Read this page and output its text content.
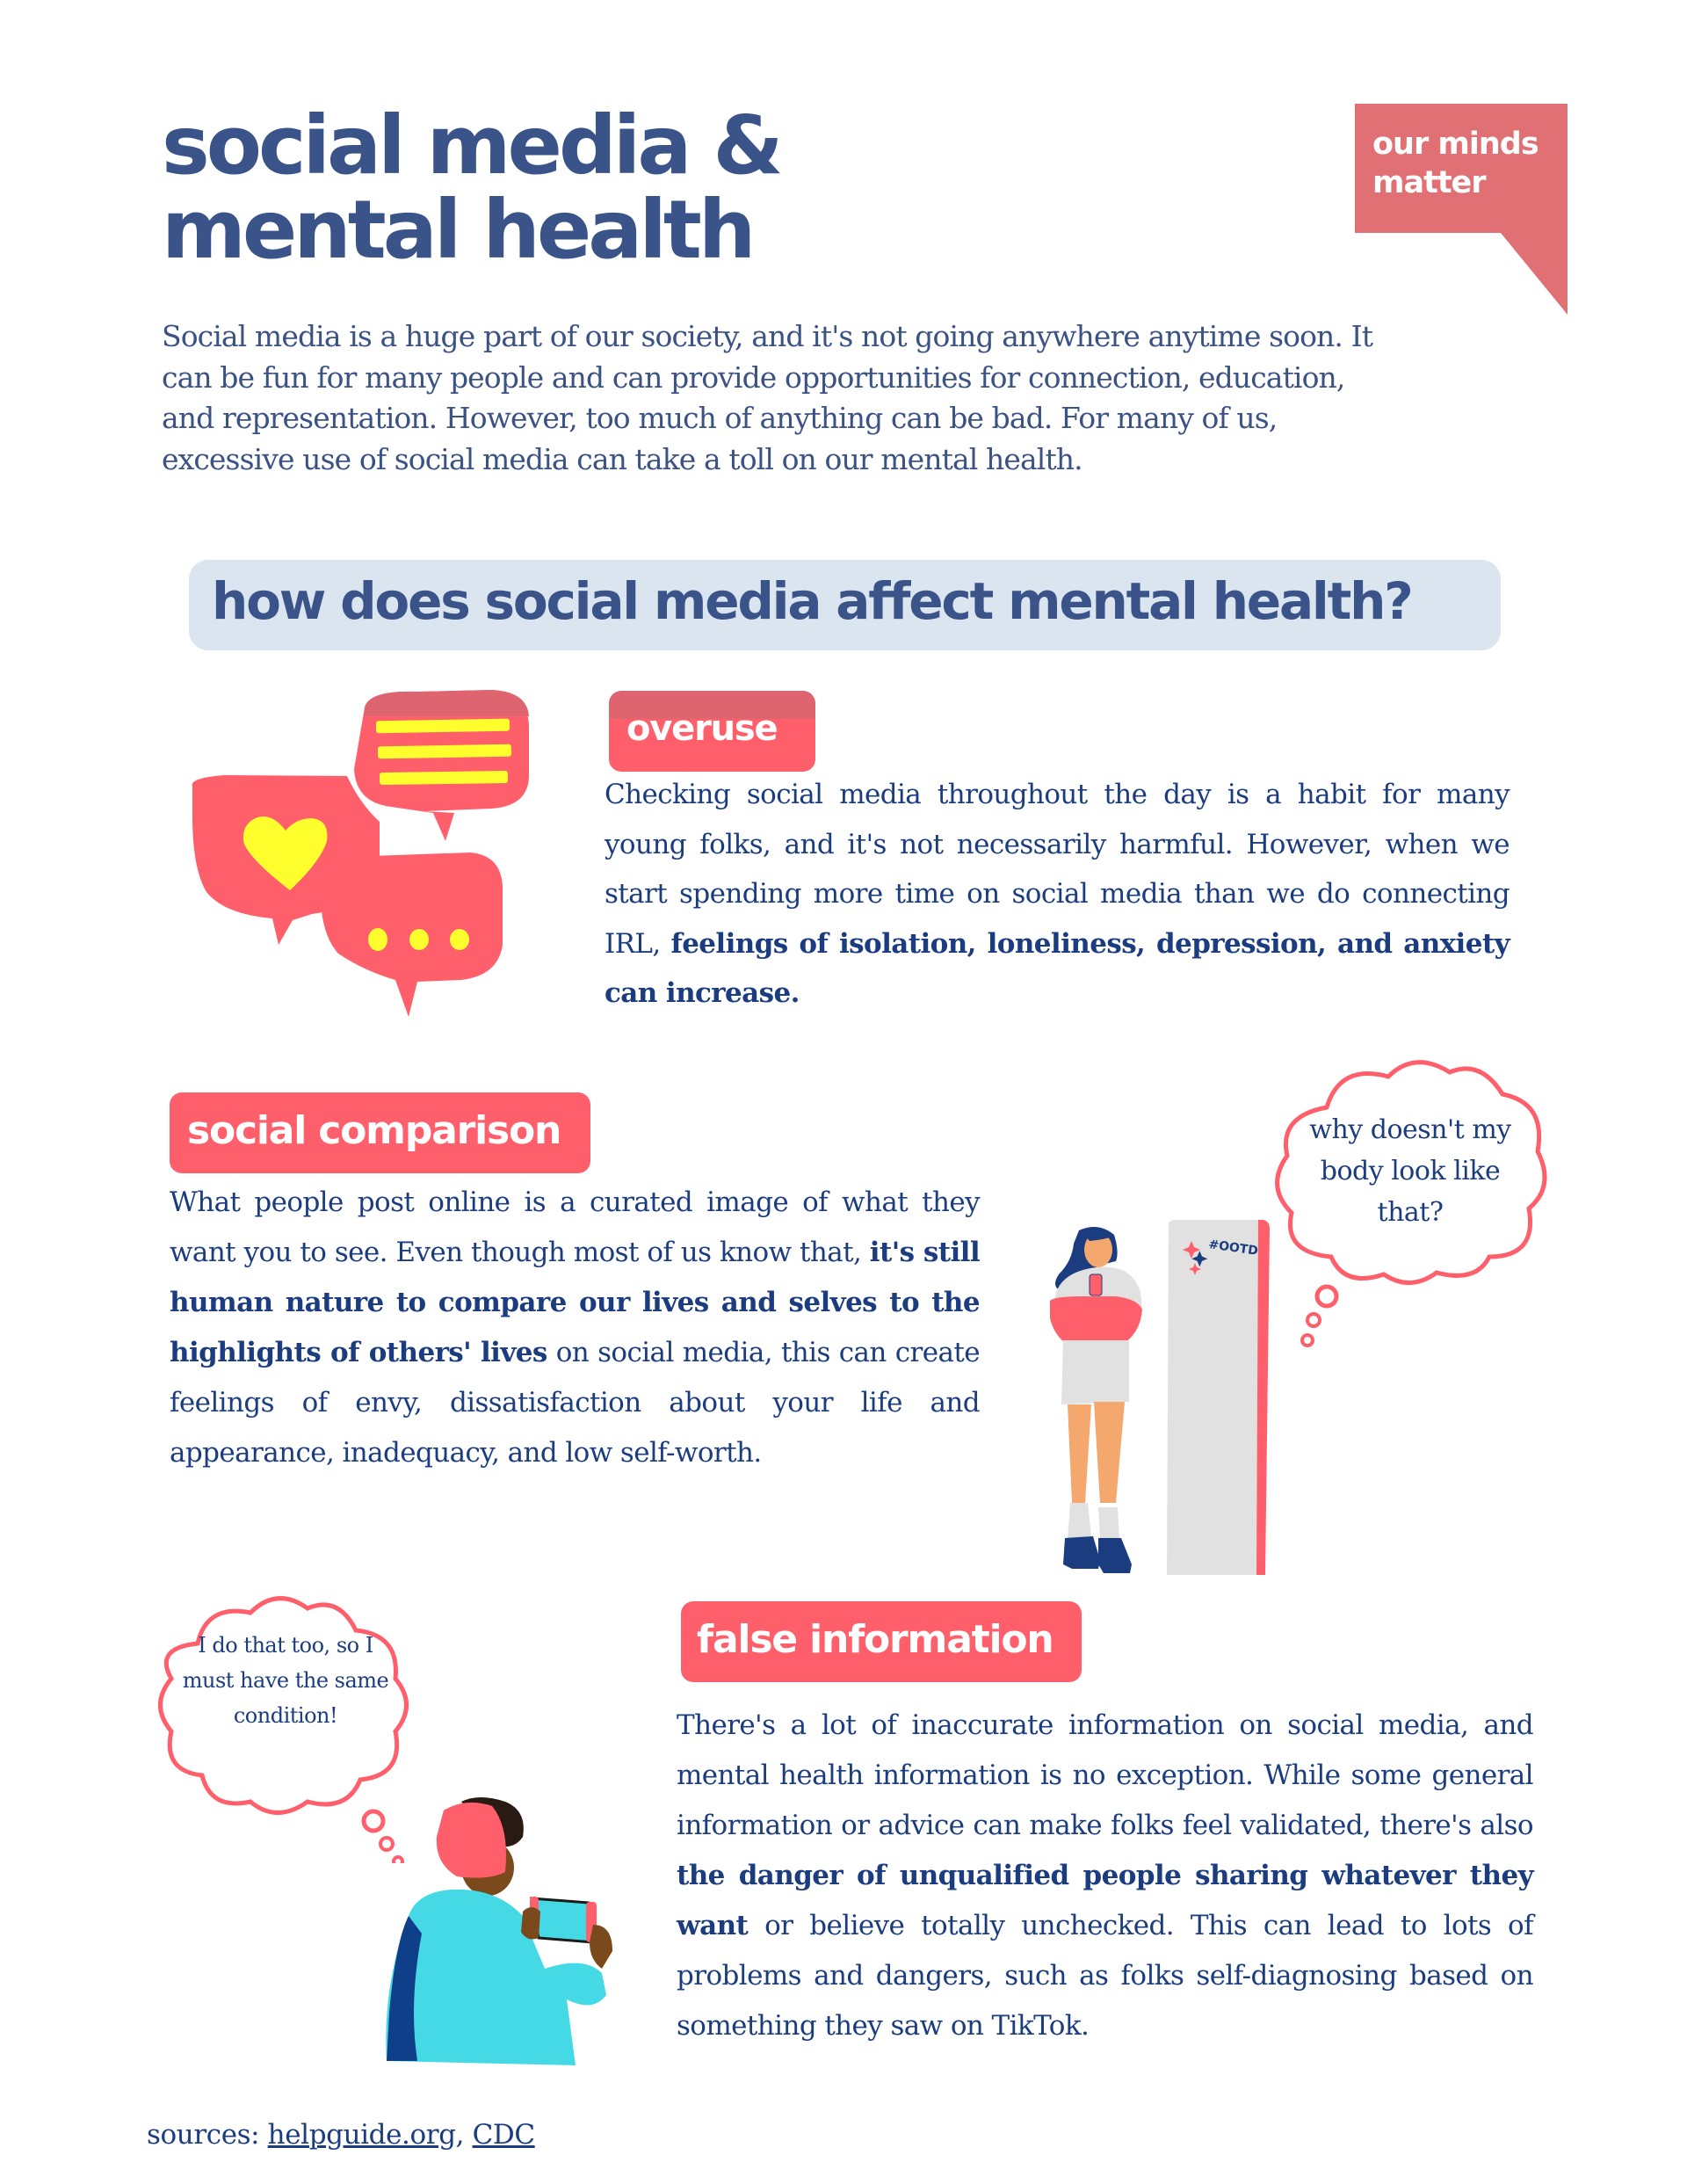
social media &
mental health
our minds
matter

Social media is a huge part of our society, and it's not going anywhere anytime soon. It can be fun for many people and can provide opportunities for connection, education, and representation. However, too much of anything can be bad. For many of us, excessive use of social media can take a toll on our mental health.

how does social media affect mental health?
overuse

Checking social media throughout the day is a habit for many young folks, and it's not necessarily harmful. However, when we start spending more time on social media than we do connecting IRL, feelings of isolation, loneliness, depression, and anxiety can increase.

social comparison

What people post online is a curated image of what they want you to see. Even though most of us know that, it's still human nature to compare our lives and selves to the highlights of others' lives on social media, this can create feelings of envy, dissatisfaction about your life and appearance, inadequacy, and low self-worth.

#OOTD

why doesn't my body look like that?

I do that too, so I must have the same condition!

false information

There's a lot of inaccurate information on social media, and mental health information is no exception. While some general information or advice can make folks feel validated, there's also the danger of unqualified people sharing whatever they want or believe totally unchecked. This can lead to lots of problems and dangers, such as folks self-diagnosing based on something they saw on TikTok.

sources: helpguide.org, CDC
